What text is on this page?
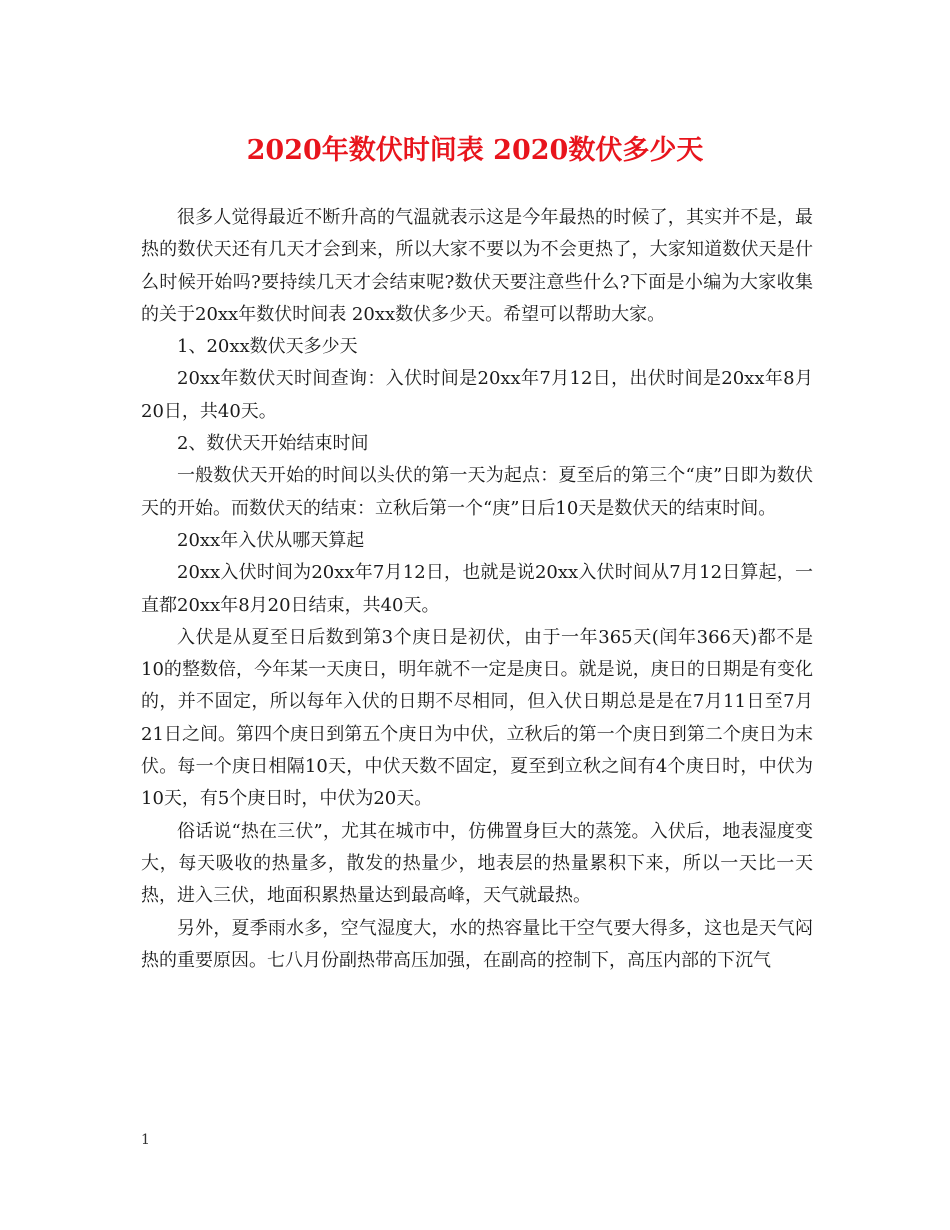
2020年数伏时间表 2020数伏多少天

很多人觉得最近不断升高的气温就表示这是今年最热的时候了，其实并不是，最热的数伏天还有几天才会到来，所以大家不要以为不会更热了，大家知道数伏天是什么时候开始吗?要持续几天才会结束呢?数伏天要注意些什么?下面是小编为大家收集的关于20xx年数伏时间表 20xx数伏多少天。希望可以帮助大家。

1、20xx数伏天多少天

20xx年数伏天时间查询：入伏时间是20xx年7月12日，出伏时间是20xx年8月20日，共40天。

2、数伏天开始结束时间

一般数伏天开始的时间以头伏的第一天为起点：夏至后的第三个“庚”日即为数伏天的开始。而数伏天的结束：立秋后第一个“庚”日后10天是数伏天的结束时间。

20xx年入伏从哪天算起

20xx入伏时间为20xx年7月12日，也就是说20xx入伏时间从7月12日算起，一直都20xx年8月20日结束，共40天。

入伏是从夏至日后数到第3个庚日是初伏，由于一年365天(闰年366天)都不是10的整数倍，今年某一天庚日，明年就不一定是庚日。就是说，庚日的日期是有变化的，并不固定，所以每年入伏的日期不尽相同，但入伏日期总是是在7月11日至7月21日之间。第四个庚日到第五个庚日为中伏，立秋后的第一个庚日到第二个庚日为末伏。每一个庚日相隔10天，中伏天数不固定，夏至到立秋之间有4个庚日时，中伏为10天，有5个庚日时，中伏为20天。

俗话说“热在三伏”，尤其在城市中，仿佛置身巨大的蒸笼。入伏后，地表湿度变大，每天吸收的热量多，散发的热量少，地表层的热量累积下来，所以一天比一天热，进入三伏，地面积累热量达到最高峰，天气就最热。

另外，夏季雨水多，空气湿度大，水的热容量比干空气要大得多，这也是天气闷热的重要原因。七八月份副热带高压加强，在副高的控制下，高压内部的下沉气

1
